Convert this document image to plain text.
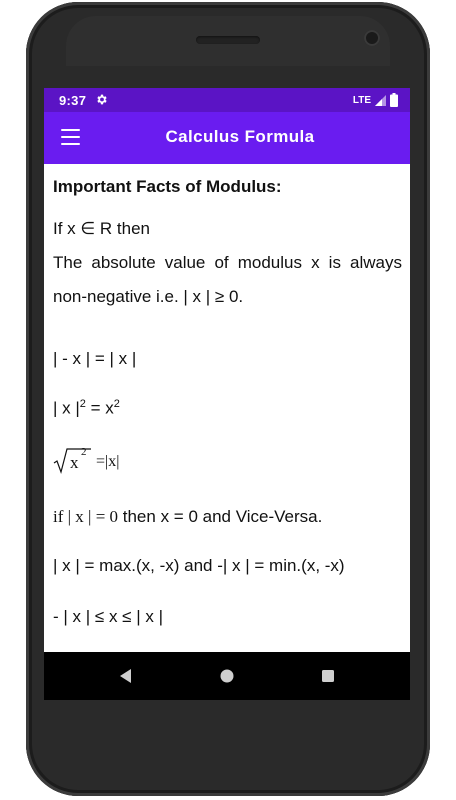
9:37	LTE
Calculus Formula
Important Facts of Modulus:
If x ∈ R then
The absolute value of modulus x is always non-negative i.e. | x | ≥ 0.
| - x | = | x |
| x $|^2 = x^2$
x
2
=|x|
if | x | = 0 then x = 0 and Vice-Versa.
| x | = max.(x, -x) and -| x | = min.(x, -x)
- | x | ≤ x ≤ | x |
